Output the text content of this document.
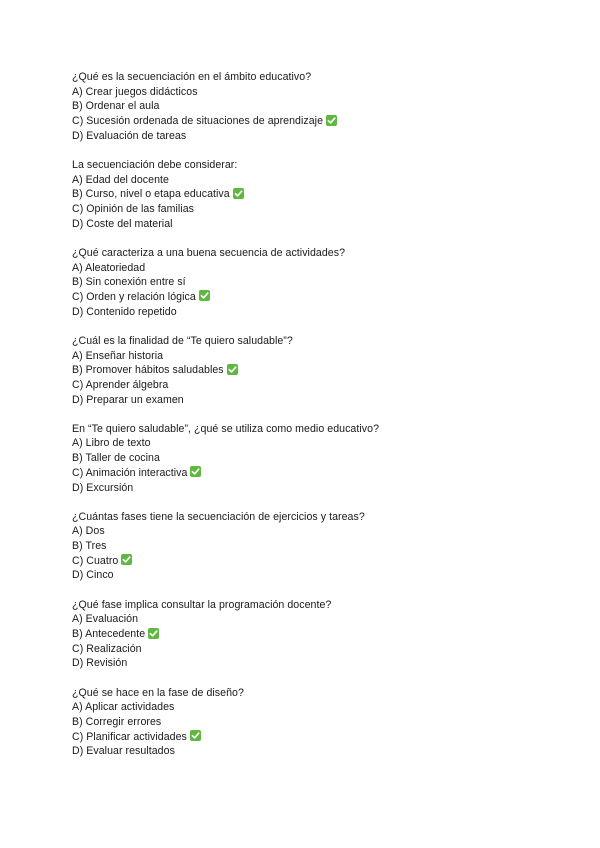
¿Qué es la secuenciación en el ámbito educativo?
A) Crear juegos didácticos
B) Ordenar el aula
C) Sucesión ordenada de situaciones de aprendizaje
D) Evaluación de tareas
La secuenciación debe considerar:
A) Edad del docente
B) Curso, nivel o etapa educativa
C) Opinión de las familias
D) Coste del material
¿Qué caracteriza a una buena secuencia de actividades?
A) Aleatoriedad
B) Sin conexión entre sí
C) Orden y relación lógica
D) Contenido repetido
¿Cuál es la finalidad de “Te quiero saludable”?
A) Enseñar historia
B) Promover hábitos saludables
C) Aprender álgebra
D) Preparar un examen
En “Te quiero saludable”, ¿qué se utiliza como medio educativo?
A) Libro de texto
B) Taller de cocina
C) Animación interactiva
D) Excursión
¿Cuántas fases tiene la secuenciación de ejercicios y tareas?
A) Dos
B) Tres
C) Cuatro
D) Cinco
¿Qué fase implica consultar la programación docente?
A) Evaluación
B) Antecedente
C) Realización
D) Revisión
¿Qué se hace en la fase de diseño?
A) Aplicar actividades
B) Corregir errores
C) Planificar actividades
D) Evaluar resultados
